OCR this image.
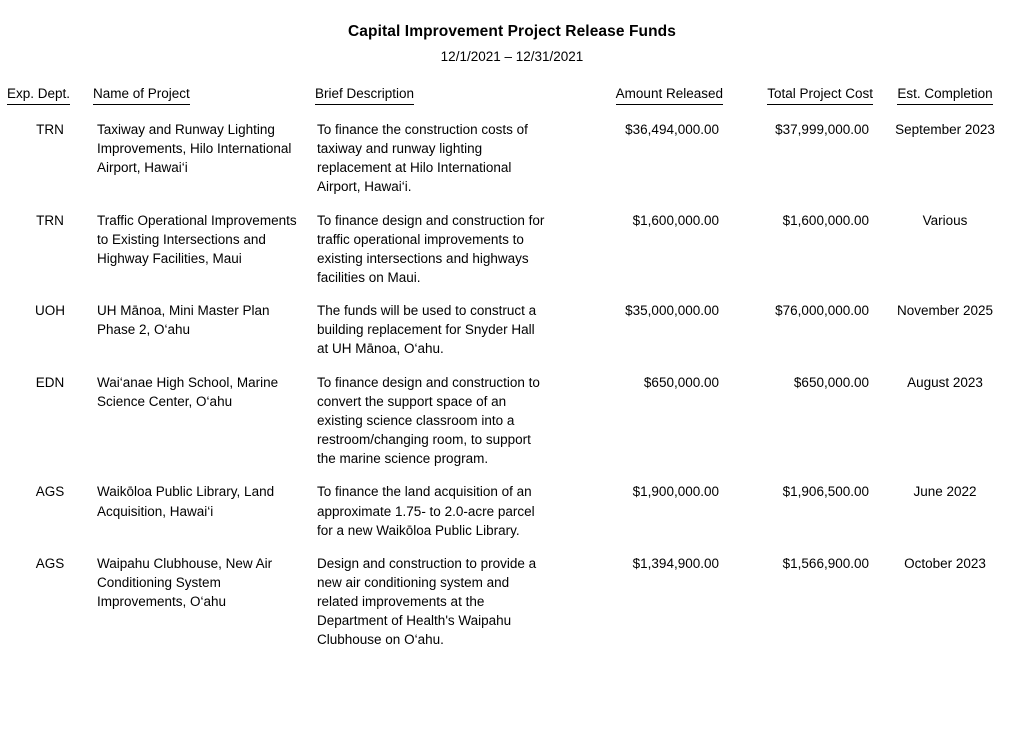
Capital Improvement Project Release Funds
12/1/2021 – 12/31/2021
Exp. Dept.	Name of Project	Brief Description	Amount Released	Total Project Cost	Est. Completion
TRN	Taxiway and Runway Lighting Improvements, Hilo International Airport, Hawai‘i	To finance the construction costs of taxiway and runway lighting replacement at Hilo International Airport, Hawai‘i.	$36,494,000.00	$37,999,000.00	September 2023
TRN	Traffic Operational Improvements to Existing Intersections and Highway Facilities, Maui	To finance design and construction for traffic operational improvements to existing intersections and highways facilities on Maui.	$1,600,000.00	$1,600,000.00	Various
UOH	UH Mānoa, Mini Master Plan Phase 2, O‘ahu	The funds will be used to construct a building replacement for Snyder Hall at UH Mānoa, O‘ahu.	$35,000,000.00	$76,000,000.00	November 2025
EDN	Wai‘anae High School, Marine Science Center, O‘ahu	To finance design and construction to convert the support space of an existing science classroom into a restroom/changing room, to support the marine science program.	$650,000.00	$650,000.00	August 2023
AGS	Waikōloa Public Library, Land Acquisition, Hawai‘i	To finance the land acquisition of an approximate 1.75- to 2.0-acre parcel for a new Waikōloa Public Library.	$1,900,000.00	$1,906,500.00	June 2022
AGS	Waipahu Clubhouse, New Air Conditioning System Improvements, O‘ahu	Design and construction to provide a new air conditioning system and related improvements at the Department of Health's Waipahu Clubhouse on O‘ahu.	$1,394,900.00	$1,566,900.00	October 2023
